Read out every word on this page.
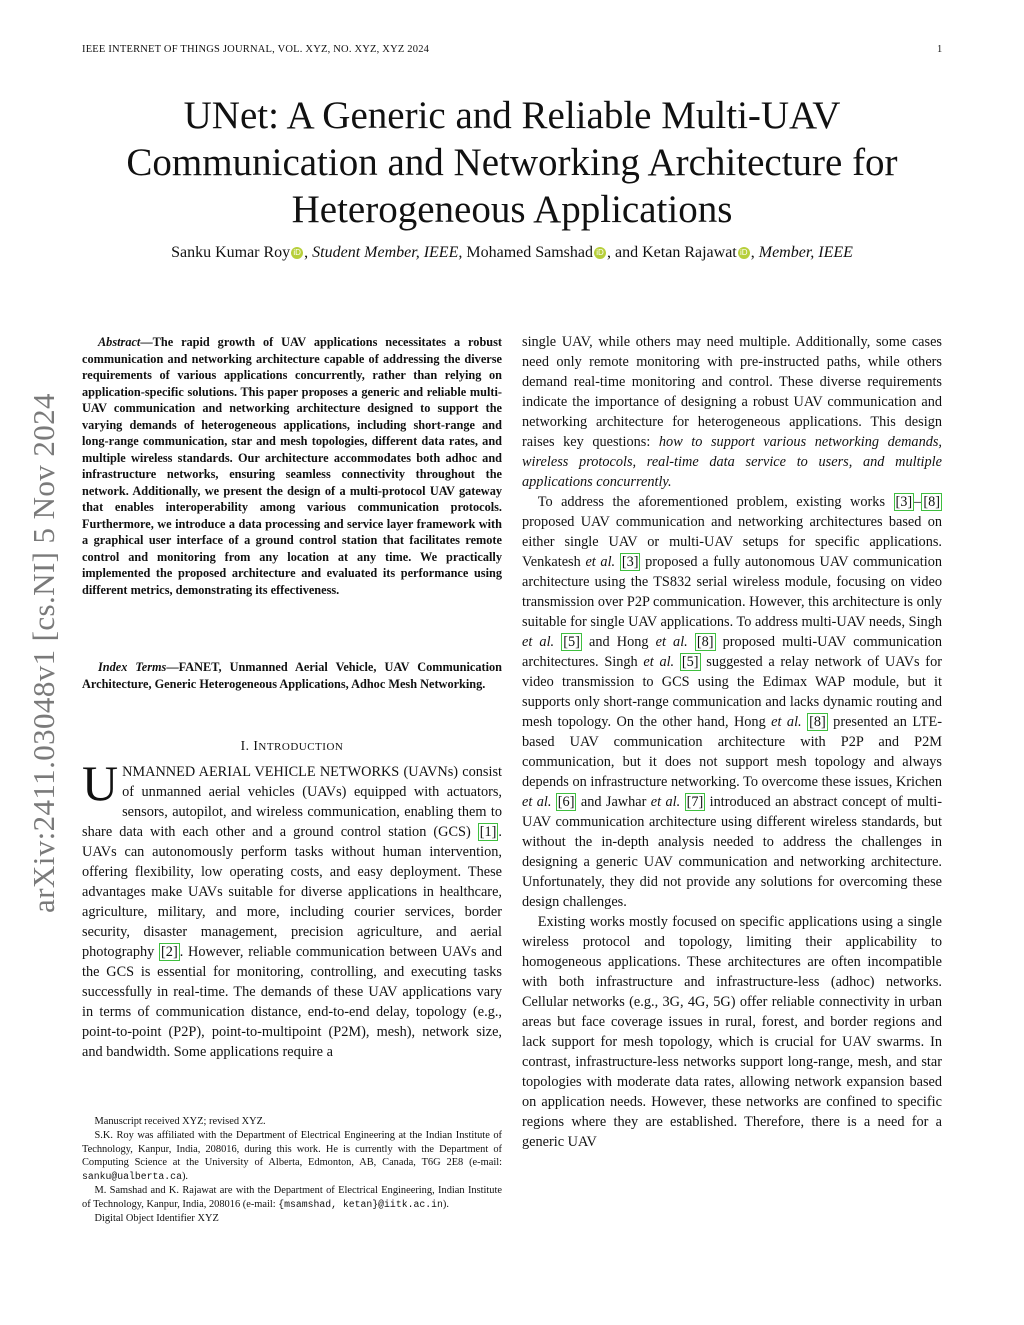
IEEE INTERNET OF THINGS JOURNAL, VOL. XYZ, NO. XYZ, XYZ 2024	1
UNet: A Generic and Reliable Multi-UAV Communication and Networking Architecture for Heterogeneous Applications
Sanku Kumar Roy iD , Student Member, IEEE, Mohamed Samshad iD , and Ketan Rajawat iD , Member, IEEE
arXiv:2411.03048v1 [cs.NI] 5 Nov 2024

Abstract—The rapid growth of UAV applications necessitates a robust communication and networking architecture capable of addressing the diverse requirements of various applications concurrently, rather than relying on application-specific solutions. This paper proposes a generic and reliable multi-UAV communication and networking architecture designed to support the varying demands of heterogeneous applications, including short-range and long-range communication, star and mesh topologies, different data rates, and multiple wireless standards. Our architecture accommodates both adhoc and infrastructure networks, ensuring seamless connectivity throughout the network. Additionally, we present the design of a multi-protocol UAV gateway that enables interoperability among various communication protocols. Furthermore, we introduce a data processing and service layer framework with a graphical user interface of a ground control station that facilitates remote control and monitoring from any location at any time. We practically implemented the proposed architecture and evaluated its performance using different metrics, demonstrating its effectiveness.

Index Terms—FANET, Unmanned Aerial Vehicle, UAV Communication Architecture, Generic Heterogeneous Applications, Adhoc Mesh Networking.

I. INTRODUCTION
UNMANNED AERIAL VEHICLE NETWORKS (UAVNs) consist of unmanned aerial vehicles (UAVs) equipped with actuators, sensors, autopilot, and wireless communication, enabling them to share data with each other and a ground control station (GCS) [1] . UAVs can autonomously perform tasks without human intervention, offering flexibility, low operating costs, and easy deployment. These advantages make UAVs suitable for diverse applications in healthcare, agriculture, military, and more, including courier services, border security, disaster management, precision agriculture, and aerial photography [2] . However, reliable communication between UAVs and the GCS is essential for monitoring, controlling, and executing tasks successfully in real-time. The demands of these UAV applications vary in terms of communication distance, end-to-end delay, topology (e.g., point-to-point (P2P), point-to-multipoint (P2M), mesh), network size, and bandwidth. Some applications require a

Manuscript received XYZ; revised XYZ.

S.K. Roy was affiliated with the Department of Electrical Engineering at the Indian Institute of Technology, Kanpur, India, 208016, during this work. He is currently with the Department of Computing Science at the University of Alberta, Edmonton, AB, Canada, T6G 2E8 (e-mail: sanku@ualberta.ca).

M. Samshad and K. Rajawat are with the Department of Electrical Engineering, Indian Institute of Technology, Kanpur, India, 208016 (e-mail: {msamshad, ketan}@iitk.ac.in).

Digital Object Identifier XYZ

single UAV, while others may need multiple. Additionally, some cases need only remote monitoring with pre-instructed paths, while others demand real-time monitoring and control. These diverse requirements indicate the importance of designing a robust UAV communication and networking architecture for heterogeneous applications. This design raises key questions: how to support various networking demands, wireless protocols, real-time data service to users, and multiple applications concurrently.

To address the aforementioned problem, existing works [3] – [8] proposed UAV communication and networking architectures based on either single UAV or multi-UAV setups for specific applications. Venkatesh et al. [3] proposed a fully autonomous UAV communication architecture using the TS832 serial wireless module, focusing on video transmission over P2P communication. However, this architecture is only suitable for single UAV applications. To address multi-UAV needs, Singh et al. [5] and Hong et al. [8] proposed multi-UAV communication architectures. Singh et al. [5] suggested a relay network of UAVs for video transmission to GCS using the Edimax WAP module, but it supports only short-range communication and lacks dynamic routing and mesh topology. On the other hand, Hong et al. [8] presented an LTE-based UAV communication architecture with P2P and P2M communication, but it does not support mesh topology and always depends on infrastructure networking. To overcome these issues, Krichen et al. [6] and Jawhar et al. [7] introduced an abstract concept of multi-UAV communication architecture using different wireless standards, but without the in-depth analysis needed to address the challenges in designing a generic UAV communication and networking architecture. Unfortunately, they did not provide any solutions for overcoming these design challenges.

Existing works mostly focused on specific applications using a single wireless protocol and topology, limiting their applicability to homogeneous applications. These architectures are often incompatible with both infrastructure and infrastructure-less (adhoc) networks. Cellular networks (e.g., 3G, 4G, 5G) offer reliable connectivity in urban areas but face coverage issues in rural, forest, and border regions and lack support for mesh topology, which is crucial for UAV swarms. In contrast, infrastructure-less networks support long-range, mesh, and star topologies with moderate data rates, allowing network expansion based on application needs. However, these networks are confined to specific regions where they are established. Therefore, there is a need for a generic UAV
